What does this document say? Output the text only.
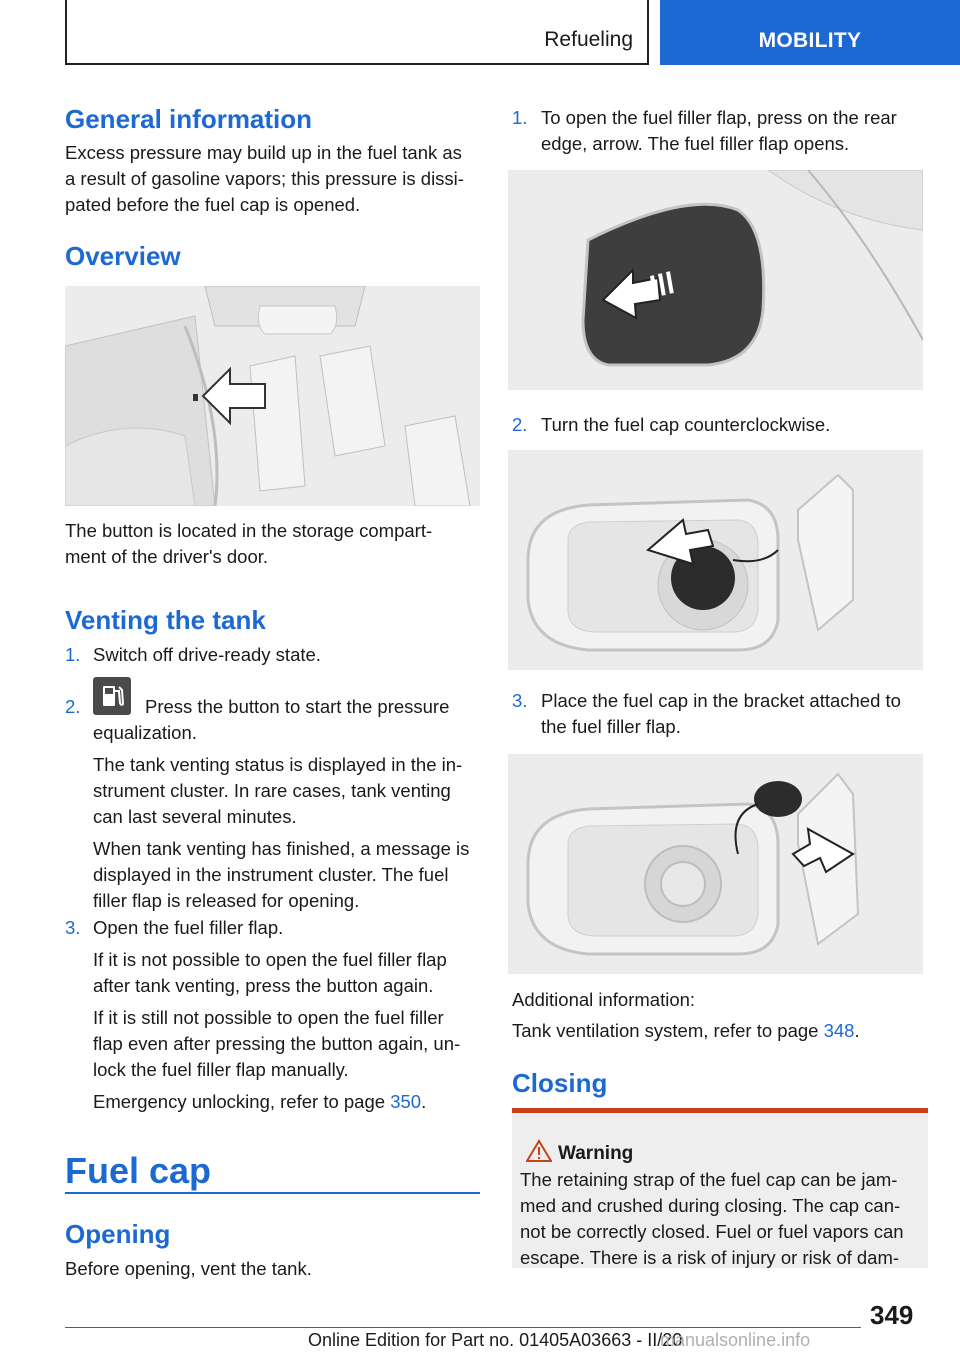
Refueling	MOBILITY
General information
Excess pressure may build up in the fuel tank as
a result of gasoline vapors; this pressure is dissi-
pated before the fuel cap is opened.
Overview
The button is located in the storage compart-
ment of the driver's door.
Venting the tank
1. Switch off drive-ready state.
2.	Press the button to start the pressure
equalization.
The tank venting status is displayed in the in-
strument cluster. In rare cases, tank venting
can last several minutes.
When tank venting has finished, a message is
displayed in the instrument cluster. The fuel
filler flap is released for opening.
3. Open the fuel filler flap.
If it is not possible to open the fuel filler flap
after tank venting, press the button again.
If it is still not possible to open the fuel filler
flap even after pressing the button again, un-
lock the fuel filler flap manually.
Emergency unlocking, refer to page 350.
Fuel cap
Opening
Before opening, vent the tank.
1. To open the fuel filler flap, press on the rear
edge, arrow. The fuel filler flap opens.
2. Turn the fuel cap counterclockwise.
3. Place the fuel cap in the bracket attached to
the fuel filler flap.
Additional information:
Tank ventilation system, refer to page 348.
Closing
Warning
The retaining strap of the fuel cap can be jam-
med and crushed during closing. The cap can-
not be correctly closed. Fuel or fuel vapors can
escape. There is a risk of injury or risk of dam-
349
Online Edition for Part no. 01405A03663 - II/20
manualsonline.info
